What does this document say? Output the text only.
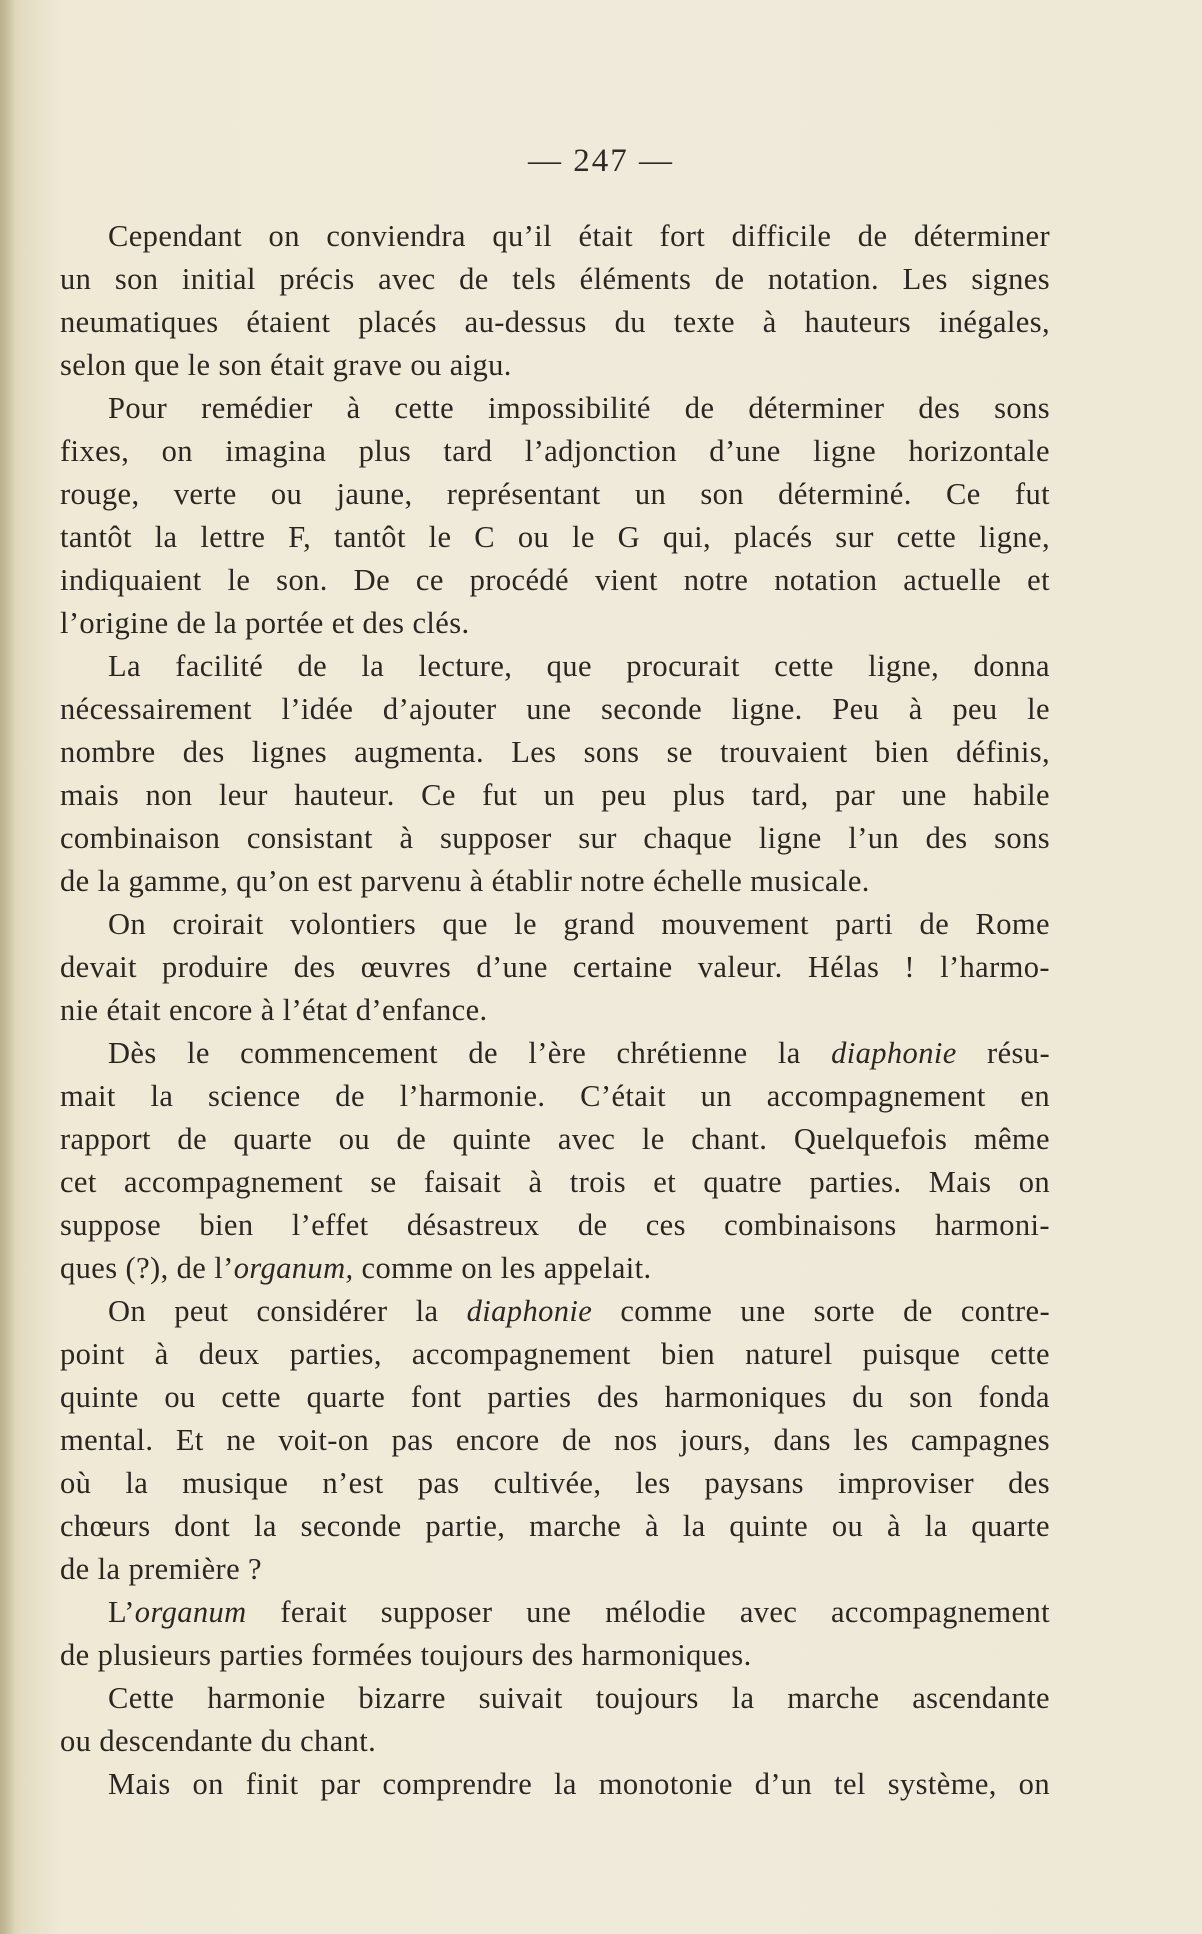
— 247 —
Cependant on conviendra qu’il était fort difficile de déterminer
un son initial précis avec de tels éléments de notation. Les signes
neumatiques étaient placés au-dessus du texte à hauteurs inégales,
selon que le son était grave ou aigu.
Pour remédier à cette impossibilité de déterminer des sons
fixes, on imagina plus tard l’adjonction d’une ligne horizontale
rouge, verte ou jaune, représentant un son déterminé. Ce fut
tantôt la lettre F, tantôt le C ou le G qui, placés sur cette ligne,
indiquaient le son. De ce procédé vient notre notation actuelle et
l’origine de la portée et des clés.
La facilité de la lecture, que procurait cette ligne, donna
nécessairement l’idée d’ajouter une seconde ligne. Peu à peu le
nombre des lignes augmenta. Les sons se trouvaient bien définis,
mais non leur hauteur. Ce fut un peu plus tard, par une habile
combinaison consistant à supposer sur chaque ligne l’un des sons
de la gamme, qu’on est parvenu à établir notre échelle musicale.
On croirait volontiers que le grand mouvement parti de Rome
devait produire des œuvres d’une certaine valeur. Hélas ! l’harmo-
nie était encore à l’état d’enfance.
Dès le commencement de l’ère chrétienne la diaphonie résu-
mait la science de l’harmonie. C’était un accompagnement en
rapport de quarte ou de quinte avec le chant. Quelquefois même
cet accompagnement se faisait à trois et quatre parties. Mais on
suppose bien l’effet désastreux de ces combinaisons harmoni-
ques (?), de l’organum, comme on les appelait.
On peut considérer la diaphonie comme une sorte de contre-
point à deux parties, accompagnement bien naturel puisque cette
quinte ou cette quarte font parties des harmoniques du son fonda
mental. Et ne voit-on pas encore de nos jours, dans les campagnes
où la musique n’est pas cultivée, les paysans improviser des
chœurs dont la seconde partie, marche à la quinte ou à la quarte
de la première ?
L’organum ferait supposer une mélodie avec accompagnement
de plusieurs parties formées toujours des harmoniques.
Cette harmonie bizarre suivait toujours la marche ascendante
ou descendante du chant.
Mais on finit par comprendre la monotonie d’un tel système, on
